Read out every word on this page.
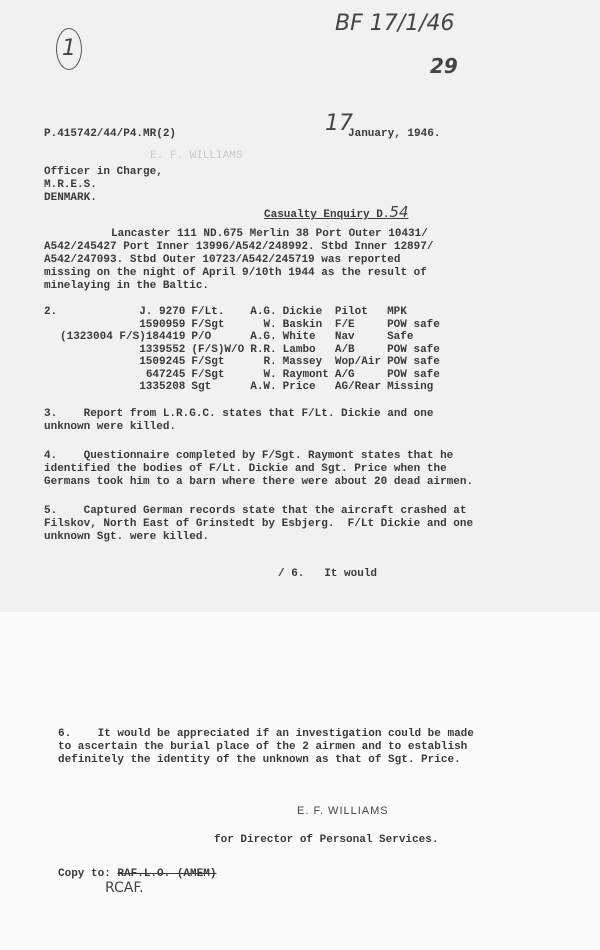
1
BF 17/1/46
29
P.415742/44/P4.MR(2)	17
January, 1946.
E. F. WILLIAMS
Officer in Charge,
M.R.E.S.
DENMARK.
Casualty Enquiry D.54
Lancaster 111 ND.675 Merlin 38 Port Outer 10431/
A542/245427 Port Inner 13996/A542/248992. Stbd Inner 12897/
A542/247093. Stbd Outer 10723/A542/245719 was reported
missing on the night of April 9/10th 1944 as the result of
minelaying in the Baltic.
2.	J. 9270	F/Lt.	A.G.	Dickie	Pilot	MPK
1590959	F/Sgt	W.	Baskin	F/E	POW safe
(1323004 F/S)184419	P/O	A.G.	White	Nav	Safe
1339552	(F/S)W/O	R.R.	Lambo	A/B	POW safe
1509245	F/Sgt	R.	Massey	Wop/Air	POW safe
647245	F/Sgt	W.	Raymont	A/G	POW safe
1335208	Sgt	A.W.	Price	AG/Rear	Missing
3.    Report from L.R.G.C. states that F/Lt. Dickie and one
unknown were killed.
4.    Questionnaire completed by F/Sgt. Raymont states that he
identified the bodies of F/Lt. Dickie and Sgt. Price when the
Germans took him to a barn where there were about 20 dead airmen.
5.    Captured German records state that the aircraft crashed at
Filskov, North East of Grinstedt by Esbjerg.  F/Lt Dickie and one
unknown Sgt. were killed.
/ 6.   It would
6.    It would be appreciated if an investigation could be made
to ascertain the burial place of the 2 airmen and to establish
definitely the identity of the unknown as that of Sgt. Price.
E. F. WILLIAMS
for Director of Personal Services.
Copy to: RAF.L.O. (AMEM)
RCAF.
